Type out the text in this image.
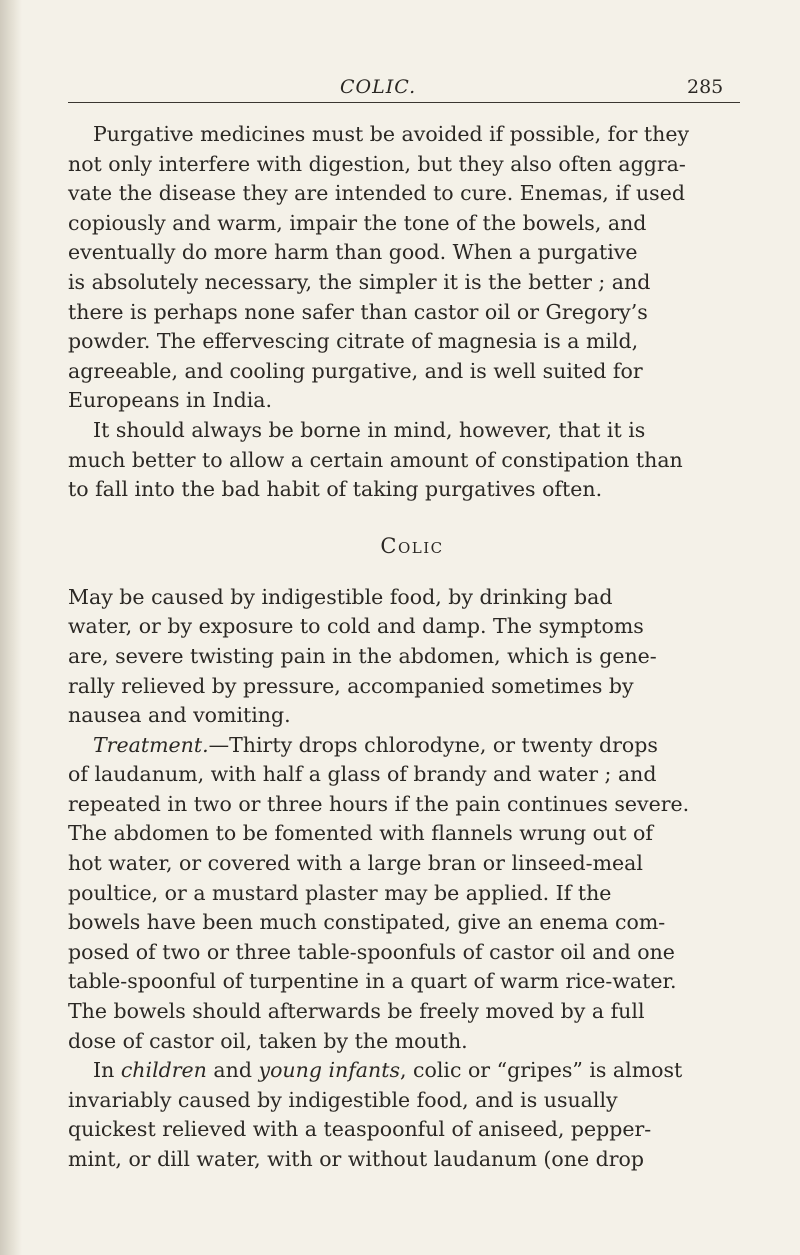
COLIC.	285
Purgative medicines must be avoided if possible, for they
not only interfere with digestion, but they also often aggra-
vate the disease they are intended to cure. Enemas, if used
copiously and warm, impair the tone of the bowels, and
eventually do more harm than good. When a purgative
is absolutely necessary, the simpler it is the better ; and
there is perhaps none safer than castor oil or Gregory’s
powder. The effervescing citrate of magnesia is a mild,
agreeable, and cooling purgative, and is well suited for
Europeans in India.
It should always be borne in mind, however, that it is
much better to allow a certain amount of constipation than
to fall into the bad habit of taking purgatives often.
Colic
May be caused by indigestible food, by drinking bad
water, or by exposure to cold and damp. The symptoms
are, severe twisting pain in the abdomen, which is gene-
rally relieved by pressure, accompanied sometimes by
nausea and vomiting.
Treatment.—Thirty drops chlorodyne, or twenty drops
of laudanum, with half a glass of brandy and water ; and
repeated in two or three hours if the pain continues severe.
The abdomen to be fomented with flannels wrung out of
hot water, or covered with a large bran or linseed-meal
poultice, or a mustard plaster may be applied. If the
bowels have been much constipated, give an enema com-
posed of two or three table-spoonfuls of castor oil and one
table-spoonful of turpentine in a quart of warm rice-water.
The bowels should afterwards be freely moved by a full
dose of castor oil, taken by the mouth.
In children and young infants, colic or “gripes” is almost
invariably caused by indigestible food, and is usually
quickest relieved with a teaspoonful of aniseed, pepper-
mint, or dill water, with or without laudanum (one drop
